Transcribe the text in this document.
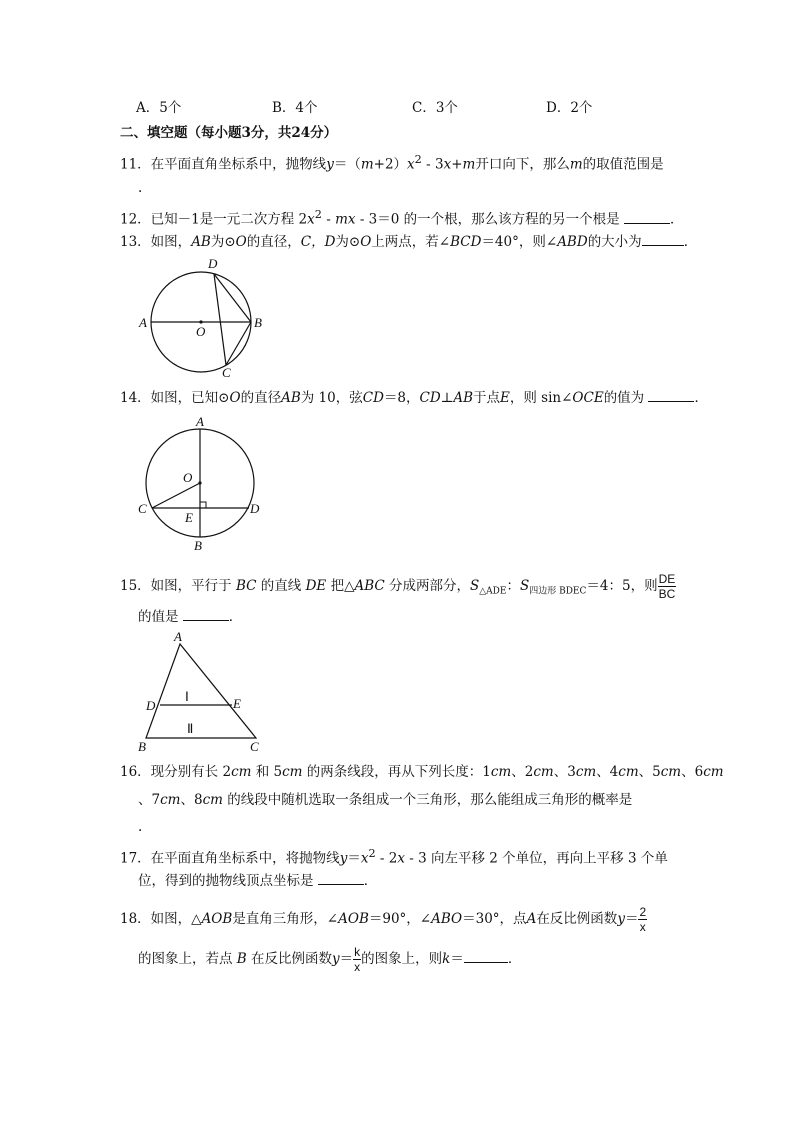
A．5个	B．4个	C．3个	D．2个
二、填空题（每小题3分，共24分）
11．在平面直角坐标系中，抛物线$y=(m+2)x^2 - 3x+m$开口向下，那么m的取值范围是
.
12．已知－1是一元二次方程 $2x^2$ - mx - 3＝0 的一个根，那么该方程的另一个根是	．
13．如图，AB为⊙O的直径，C，D为⊙O上两点，若∠BCD＝40°，则∠ABD的大小为	．
A	B
C
D
O
14．如图，已知⊙O的直径AB为 10，弦CD＝8，CD⊥AB于点E，则 sin∠OCE的值为	．
A
B
C	D
E
O
15．如图，平行于 BC 的直线 DE 把△ABC 分成两部分，$S_{\triangle ADE}$：$S_{四边形 BDEC}=4$：5，则 $\frac{DE}{BC}$
的值是	．
A
B	C
D	E
Ⅰ
Ⅱ
16．现分别有长 2cm 和 5cm 的两条线段，再从下列长度：1cm、2cm、3cm、4cm、5cm、6cm
、7cm、8cm 的线段中随机选取一条组成一个三角形，那么能组成三角形的概率是
.
17．在平面直角坐标系中，将抛物线$y=x^2 - 2x - 3$ 向左平移 2 个单位，再向上平移 3 个单
位，得到的抛物线顶点坐标是	．
18．如图，△AOB是直角三角形，∠AOB＝90°，∠ABO＝30°，点A在反比例函数$y= \frac{2}{x}$
的图象上，若点 B 在反比例函数$y= \frac{k}{x}$ 的图象上，则k＝	．
